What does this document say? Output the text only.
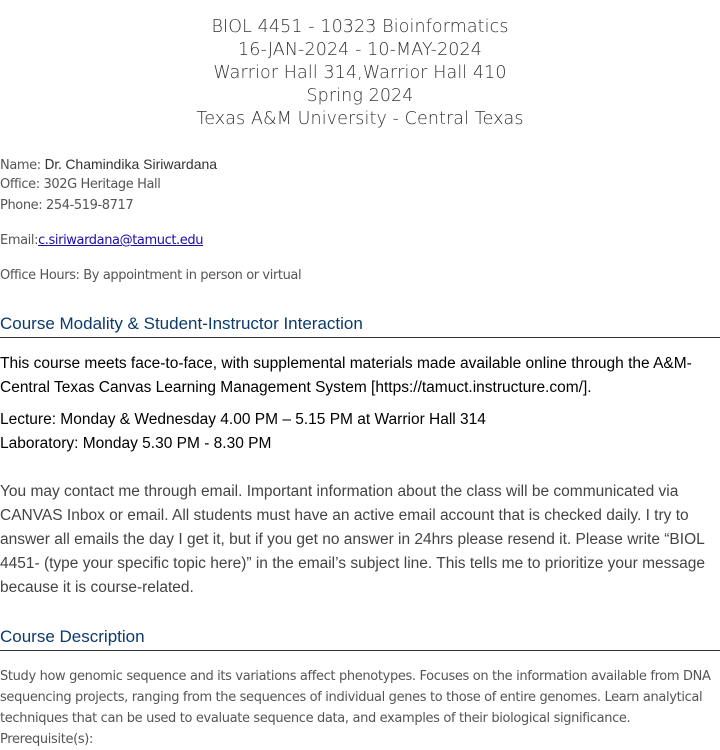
BIOL 4451 - 10323 Bioinformatics
16-JAN-2024 - 10-MAY-2024
Warrior Hall 314,Warrior Hall 410
Spring 2024
Texas A&M University - Central Texas
Name: Dr. Chamindika Siriwardana
Office: 302G Heritage Hall
Phone: 254-519-8717
Email:c.siriwardana@tamuct.edu
Office Hours: By appointment in person or virtual
Course Modality & Student-Instructor Interaction
This course meets face-to-face, with supplemental materials made available online through the A&M-Central Texas Canvas Learning Management System [https://tamuct.instructure.com/].
Lecture: Monday & Wednesday 4.00 PM – 5.15 PM at Warrior Hall 314
Laboratory: Monday 5.30 PM - 8.30 PM
You may contact me through email. Important information about the class will be communicated via CANVAS Inbox or email. All students must have an active email account that is checked daily. I try to answer all emails the day I get it, but if you get no answer in 24hrs please resend it. Please write “BIOL 4451- (type your specific topic here)” in the email’s subject line. This tells me to prioritize your message because it is course-related.
Course Description
Study how genomic sequence and its variations affect phenotypes. Focuses on the information available from DNA sequencing projects, ranging from the sequences of individual genes to those of entire genomes. Learn analytical techniques that can be used to evaluate sequence data, and examples of their biological significance. Prerequisite(s):
